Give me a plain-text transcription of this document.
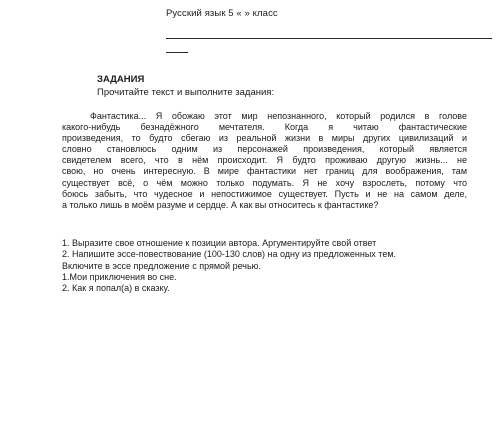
Русский язык 5 « » класс
ЗАДАНИЯ
Прочитайте текст и выполните задания:
Фантастика... Я обожаю этот мир непознанного, который родился в голове
какого-нибудь безнадёжного мечтателя. Когда я читаю фантастические
произведения, то будто сбегаю из реальной жизни в миры других цивилизаций и
словно становлюсь одним из персонажей произведения, который является
свидетелем всего, что в нём происходит. Я будто проживаю другую жизнь... не
свою, но очень интересную. В мире фантастики нет границ для воображения, там
существует всё, о чём можно только подумать. Я не хочу взрослеть, потому что
боюсь забыть, что чудесное и непостижимое существует. Пусть и не на самом деле,
а только лишь в моём разуме и сердце. А как вы относитесь к фантастике?
1. Выразите свое отношение к позиции автора. Аргументируйте свой ответ
2. Напишите эссе-повествование (100-130 слов) на одну из предложенных тем.
Включите в эссе предложение с прямой речью.
1.Мои приключения во сне.
2. Как я попал(а) в сказку.
